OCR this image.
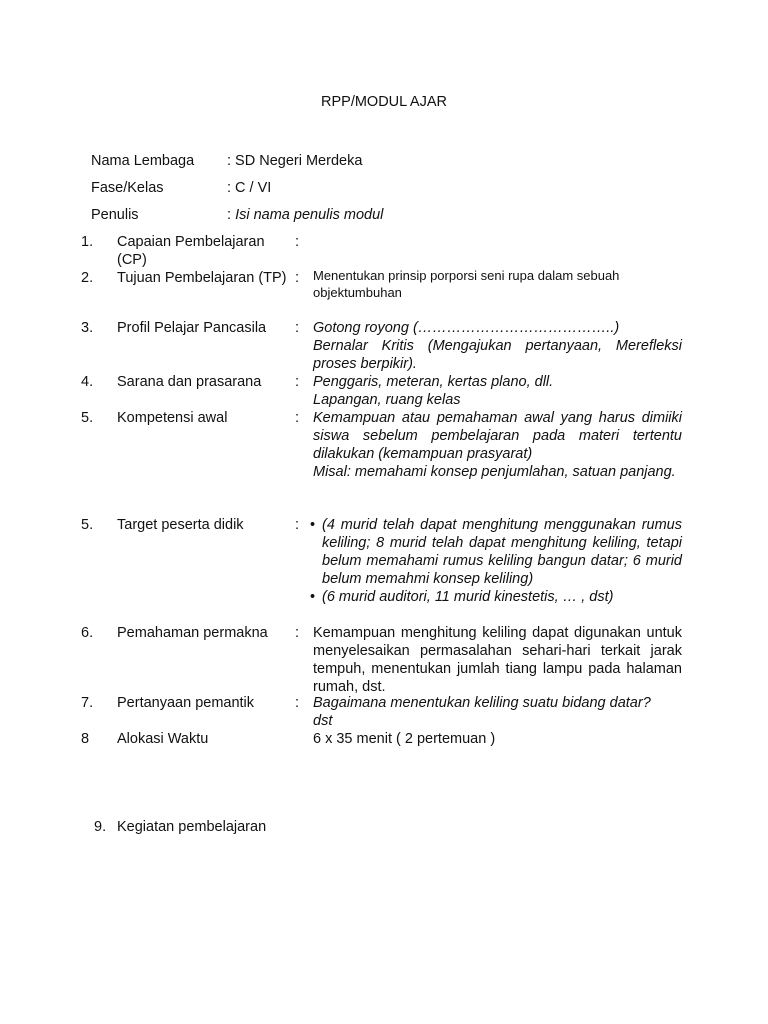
RPP/MODUL AJAR
Nama Lembaga : SD Negeri Merdeka
Fase/Kelas	: C / VI
Penulis	: Isi nama penulis modul
1. Capaian Pembelajaran (CP)
:
2. Tujuan Pembelajaran (TP) : Menentukan prinsip porporsi seni rupa dalam sebuah objektumbuhan
3. Profil Pelajar Pancasila	: Gotong royong (…………………………………..)
Bernalar Kritis (Mengajukan pertanyaan, Merefleksi proses berpikir).
4. Sarana dan prasarana	: Penggaris, meteran, kertas plano, dll.
Lapangan, ruang kelas
5. Kompetensi awal	: Kemampuan atau pemahaman awal yang harus dimiiki siswa sebelum pembelajaran pada materi tertentu dilakukan (kemampuan prasyarat)
Misal: memahami konsep penjumlahan, satuan panjang.
5. Target peserta didik	:
•	(4 murid telah dapat menghitung menggunakan rumus keliling; 8 murid telah dapat menghitung keliling, tetapi belum memahami rumus keliling bangun datar; 6 murid belum memahmi konsep keliling)
• (6 murid auditori, 11 murid kinestetis, … , dst)
6. Pemahaman permakna	: Kemampuan menghitung keliling dapat digunakan untuk menyelesaikan permasalahan sehari-hari terkait jarak tempuh, menentukan jumlah tiang lampu pada halaman rumah, dst.
7. Pertanyaan pemantik	: Bagaimana menentukan keliling suatu bidang datar?
dst
8 Alokasi Waktu	6 x 35 menit ( 2 pertemuan )
9. Kegiatan pembelajaran
